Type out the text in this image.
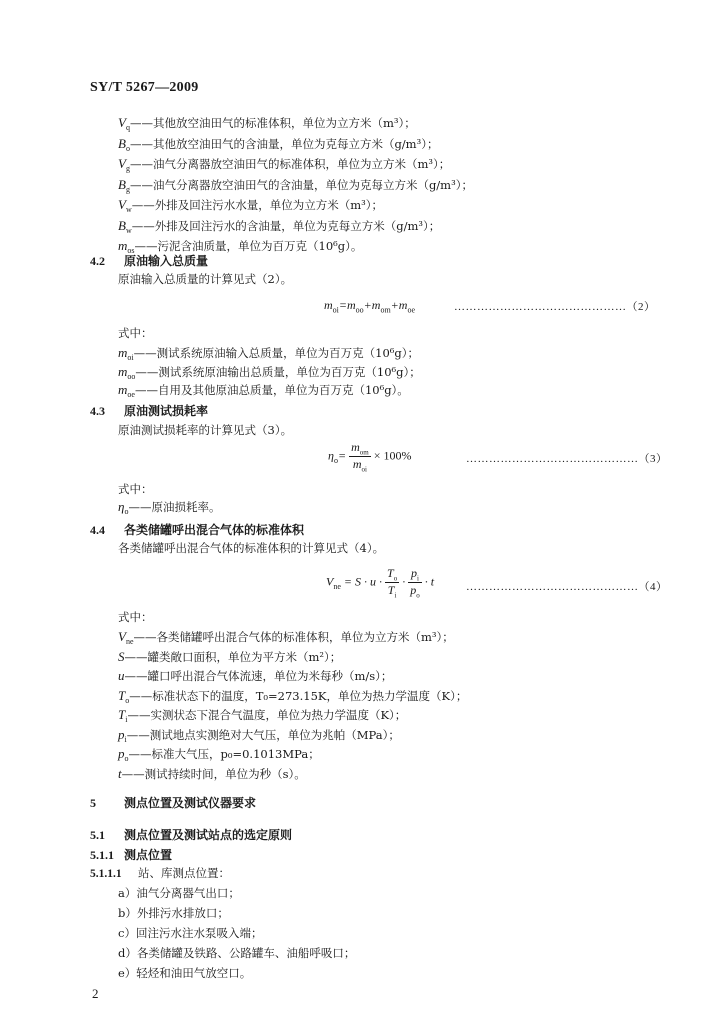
SY/T 5267—2009
$V_q——$其他放空油田气的标准体积，单位为立方米（m³）；
$B_o——$其他放空油田气的含油量，单位为克每立方米（g/m³）；
$V_g——$油气分离器放空油田气的标准体积，单位为立方米（m³）；
$B_g——$油气分离器放空油田气的含油量，单位为克每立方米（g/m³）；
$V_w——$外排及回注污水水量，单位为立方米（m³）；
$B_w——$外排及回注污水的含油量，单位为克每立方米（g/m³）；
$m_{os}——$污泥含油质量，单位为百万克（10⁶g）。
4.2 原油输入总质量
原油输入总质量的计算见式（2）。
$m_{oi}=m_{oo}+m_{om}+m_{oe}$	………………………………………（2）
式中：
$m_{oi}——$测试系统原油输入总质量，单位为百万克（10⁶g）；
$m_{oo}——$测试系统原油输出总质量，单位为百万克（10⁶g）；
$m_{oe}——$自用及其他原油总质量，单位为百万克（10⁶g）。
4.3 原油测试损耗率
原油测试损耗率的计算见式（3）。
$\eta_o= \frac{m_{om}}{m_{oi}} \times 100\%$	………………………………………（3）
式中：
$\eta_o——$原油损耗率。
4.4 各类储罐呼出混合气体的标准体积
各类储罐呼出混合气体的标准体积的计算见式（4）。
$V_{ne} = S \cdot u \cdot \frac{T_o}{T_i} \cdot \frac{p_i}{p_o} \cdot t$	………………………………………（4）
式中：
$V_{ne}——$各类储罐呼出混合气体的标准体积，单位为立方米（m³）；
S——罐类敞口面积，单位为平方米（m²）；
u——罐口呼出混合气体流速，单位为米每秒（m/s）；
$T_o——$标准状态下的温度，T₀=273.15K，单位为热力学温度（K）；
$T_i——$实测状态下混合气温度，单位为热力学温度（K）；
$p_i——$测试地点实测绝对大气压，单位为兆帕（MPa）；
$p_o——$标准大气压，p₀=0.1013MPa；
t——测试持续时间，单位为秒（s）。
5 测点位置及测试仪器要求
5.1 测点位置及测试站点的选定原则
5.1.1 测点位置
5.1.1.1 站、库测点位置：
a）油气分离器气出口；
b）外排污水排放口；
c）回注污水注水泵吸入端；
d）各类储罐及铁路、公路罐车、油船呼吸口；
e）轻烃和油田气放空口。
2
